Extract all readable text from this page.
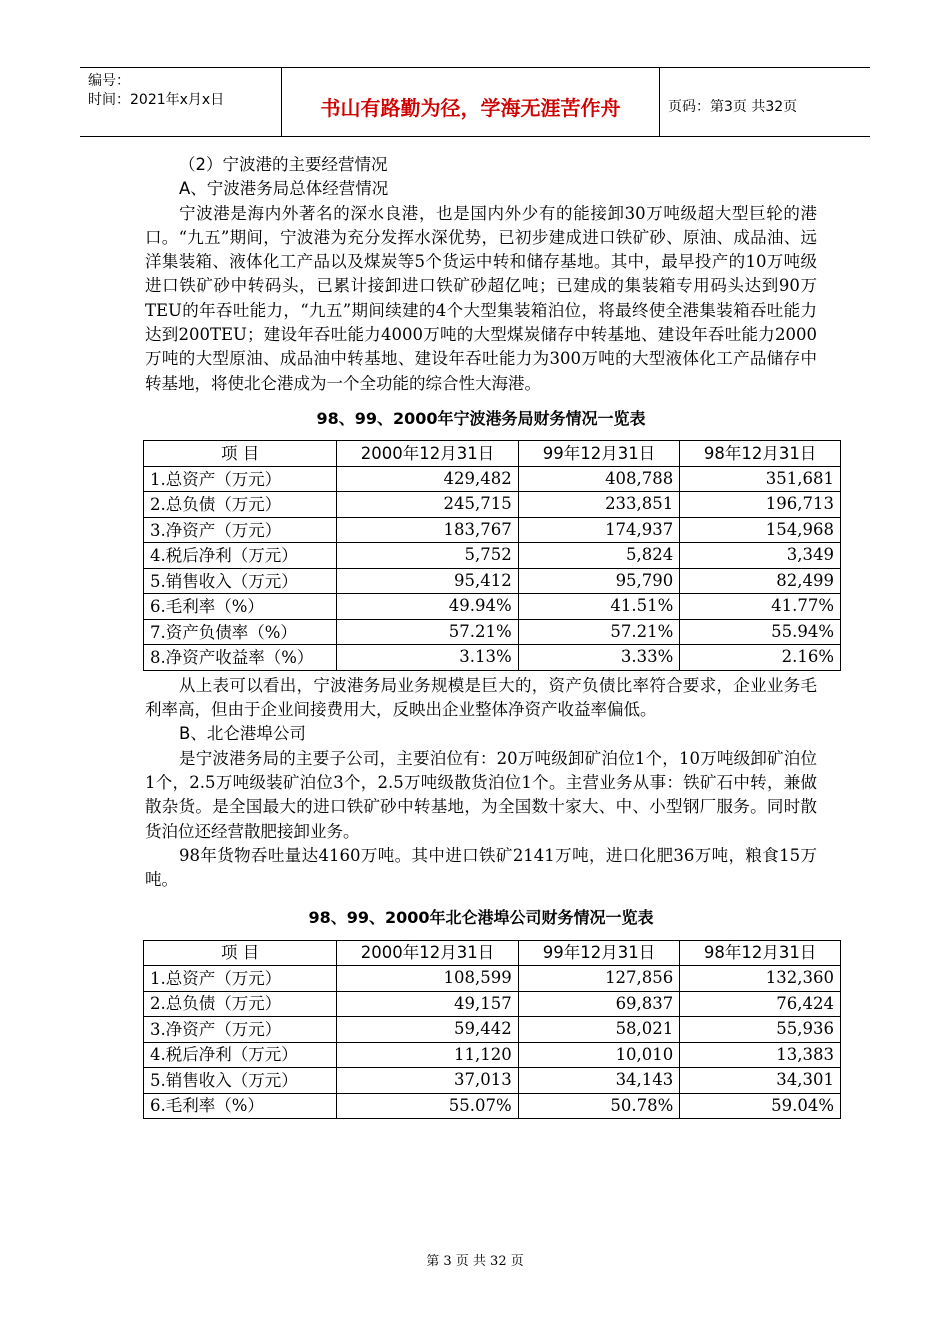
编号：
时间：2021年x月x日	书山有路勤为径，学海无涯苦作舟	页码：第3页 共32页
（2）宁波港的主要经营情况
A、宁波港务局总体经营情况
宁波港是海内外著名的深水良港，也是国内外少有的能接卸30万吨级超大型巨轮的港口。“九五”期间，宁波港为充分发挥水深优势，已初步建成进口铁矿砂、原油、成品油、远洋集装箱、液体化工产品以及煤炭等5个货运中转和储存基地。其中，最早投产的10万吨级进口铁矿砂中转码头，已累计接卸进口铁矿砂超亿吨；已建成的集装箱专用码头达到90万TEU的年吞吐能力，“九五”期间续建的4个大型集装箱泊位，将最终使全港集装箱吞吐能力达到200TEU；建设年吞吐能力4000万吨的大型煤炭储存中转基地、建设年吞吐能力2000万吨的大型原油、成品油中转基地、建设年吞吐能力为300万吨的大型液体化工产品储存中转基地，将使北仑港成为一个全功能的综合性大海港。
98、99、2000年宁波港务局财务情况一览表
项 目	2000年12月31日	99年12月31日	98年12月31日
1.总资产（万元）	429,482	408,788	351,681
2.总负债（万元）	245,715	233,851	196,713
3.净资产（万元）	183,767	174,937	154,968
4.税后净利（万元）	5,752	5,824	3,349
5.销售收入（万元）	95,412	95,790	82,499
6.毛利率（%）	49.94%	41.51%	41.77%
7.资产负债率（%）	57.21%	57.21%	55.94%
8.净资产收益率（%）	3.13%	3.33%	2.16%
从上表可以看出，宁波港务局业务规模是巨大的，资产负债比率符合要求，企业业务毛利率高，但由于企业间接费用大，反映出企业整体净资产收益率偏低。
B、北仑港埠公司
是宁波港务局的主要子公司，主要泊位有：20万吨级卸矿泊位1个，10万吨级卸矿泊位1个，2.5万吨级装矿泊位3个，2.5万吨级散货泊位1个。主营业务从事：铁矿石中转，兼做散杂货。是全国最大的进口铁矿砂中转基地，为全国数十家大、中、小型钢厂服务。同时散货泊位还经营散肥接卸业务。
98年货物吞吐量达4160万吨。其中进口铁矿2141万吨，进口化肥36万吨，粮食15万吨。
98、99、2000年北仑港埠公司财务情况一览表
项 目	2000年12月31日	99年12月31日	98年12月31日
1.总资产（万元）	108,599	127,856	132,360
2.总负债（万元）	49,157	69,837	76,424
3.净资产（万元）	59,442	58,021	55,936
4.税后净利（万元）	11,120	10,010	13,383
5.销售收入（万元）	37,013	34,143	34,301
6.毛利率（%）	55.07%	50.78%	59.04%
第 3 页 共 32 页
